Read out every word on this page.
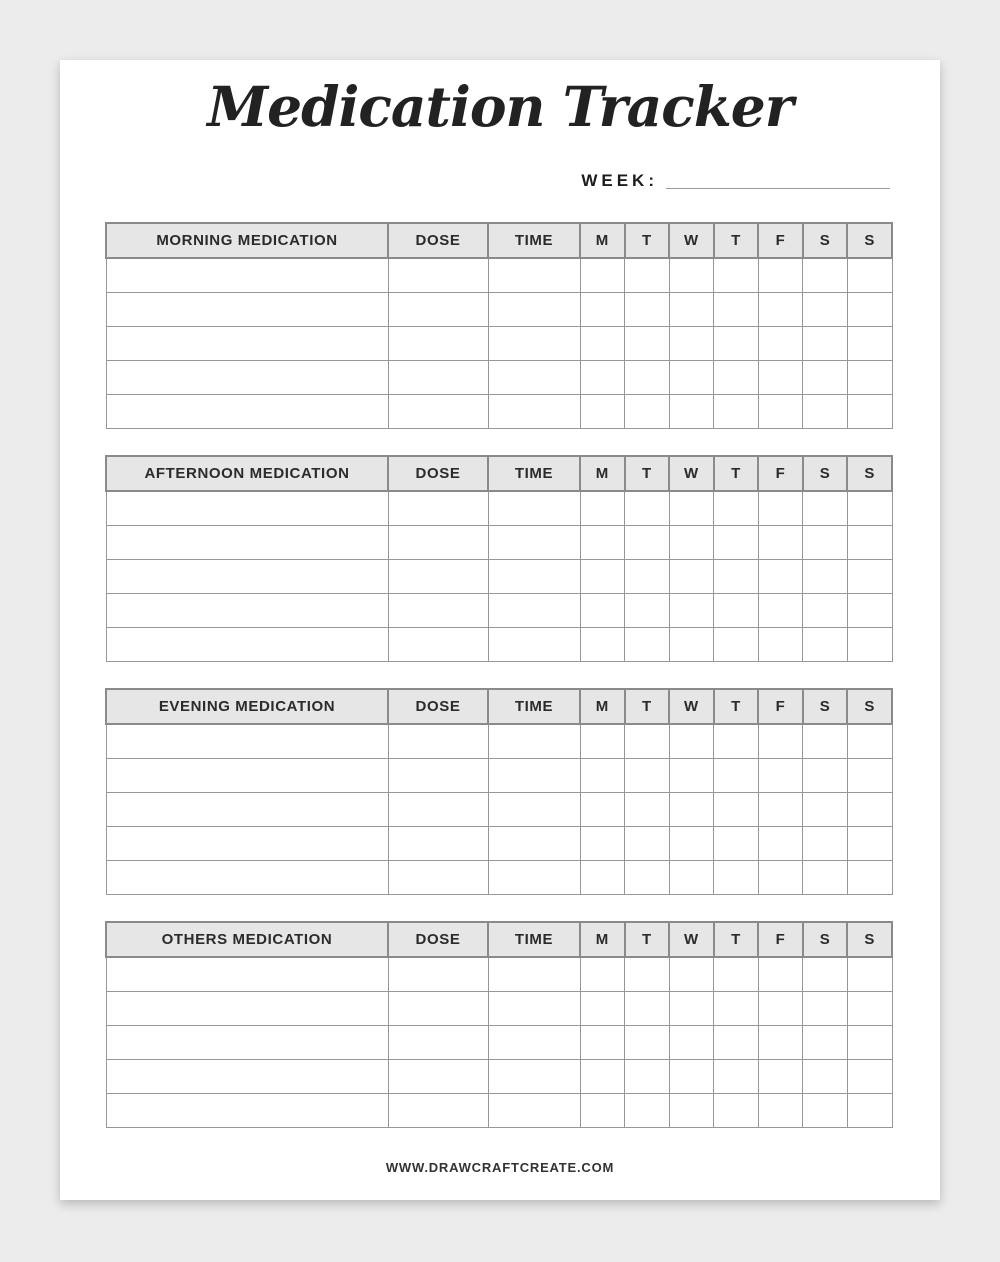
Medication Tracker
WEEK:
MORNING MEDICATION	DOSE	TIME	M	T	W	T	F	S	S

AFTERNOON MEDICATION	DOSE	TIME	M	T	W	T	F	S	S

EVENING MEDICATION	DOSE	TIME	M	T	W	T	F	S	S

OTHERS MEDICATION	DOSE	TIME	M	T	W	T	F	S	S

WWW.DRAWCRAFTCREATE.COM
